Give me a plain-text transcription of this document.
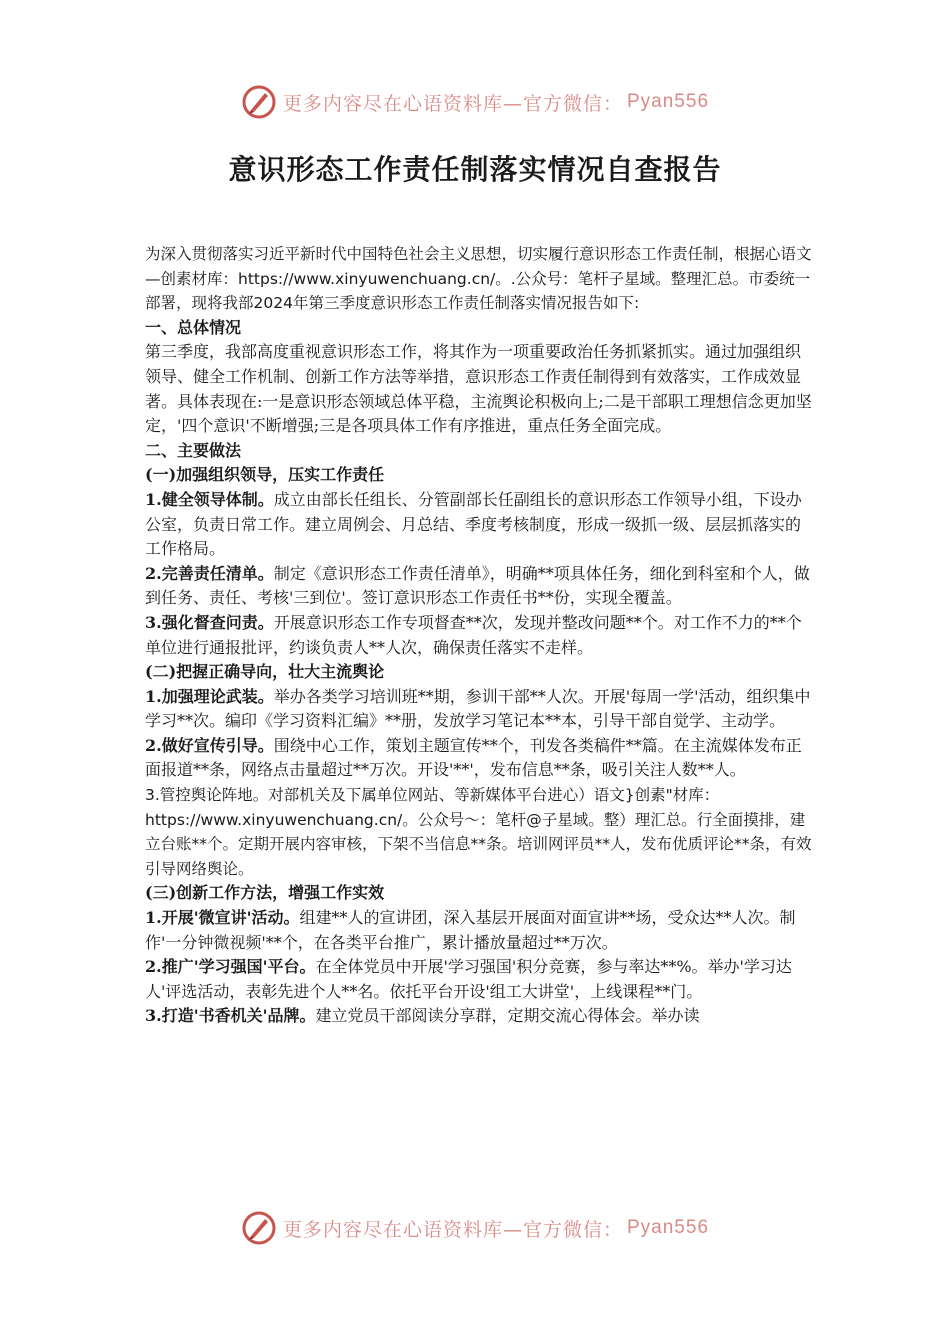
更多内容尽在心语资料库—官方微信： Pyan556
意识形态工作责任制落实情况自查报告

为深入贯彻落实习近平新时代中国特色社会主义思想，切实履行意识形态工作责任制，根据心语文—创素材库：https://www.xinyuwenchuang.cn/。.公众号：笔杆子星域。整理汇总。市委统一部署，现将我部2024年第三季度意识形态工作责任制落实情况报告如下:

一、总体情况

第三季度，我部高度重视意识形态工作，将其作为一项重要政治任务抓紧抓实。通过加强组织领导、健全工作机制、创新工作方法等举措，意识形态工作责任制得到有效落实，工作成效显著。具体表现在:一是意识形态领域总体平稳，主流舆论积极向上;二是干部职工理想信念更加坚定，'四个意识'不断增强;三是各项具体工作有序推进，重点任务全面完成。

二、主要做法

(一)加强组织领导，压实工作责任

1.健全领导体制。成立由部长任组长、分管副部长任副组长的意识形态工作领导小组，下设办公室，负责日常工作。建立周例会、月总结、季度考核制度，形成一级抓一级、层层抓落实的工作格局。

2.完善责任清单。制定《意识形态工作责任清单》，明确**项具体任务，细化到科室和个人，做到任务、责任、考核'三到位'。签订意识形态工作责任书**份，实现全覆盖。

3.强化督查问责。开展意识形态工作专项督查**次，发现并整改问题**个。对工作不力的**个单位进行通报批评，约谈负责人**人次，确保责任落实不走样。

(二)把握正确导向，壮大主流舆论

1.加强理论武装。举办各类学习培训班**期，参训干部**人次。开展'每周一学'活动，组织集中学习**次。编印《学习资料汇编》**册，发放学习笔记本**本，引导干部自觉学、主动学。

2.做好宣传引导。围绕中心工作，策划主题宣传**个，刊发各类稿件**篇。在主流媒体发布正面报道**条，网络点击量超过**万次。开设'**'，发布信息**条，吸引关注人数**人。

3.管控舆论阵地。对部机关及下属单位网站、等新媒体平台进心）语文}创素"材库：https://www.xinyuwenchuang.cn/。公众号～：笔杆@子星域。整）理汇总。行全面摸排，建立台账**个。定期开展内容审核，下架不当信息**条。培训网评员**人，发布优质评论**条，有效引导网络舆论。

(三)创新工作方法，增强工作实效

1.开展'微宣讲'活动。组建**人的宣讲团，深入基层开展面对面宣讲**场，受众达**人次。制作'一分钟微视频'**个，在各类平台推广，累计播放量超过**万次。

2.推广'学习强国'平台。在全体党员中开展'学习强国'积分竞赛，参与率达**%。举办'学习达人'评选活动，表彰先进个人**名。依托平台开设'组工大讲堂'，上线课程**门。

3.打造'书香机关'品牌。建立党员干部阅读分享群，定期交流心得体会。举办读

更多内容尽在心语资料库—官方微信： Pyan556
